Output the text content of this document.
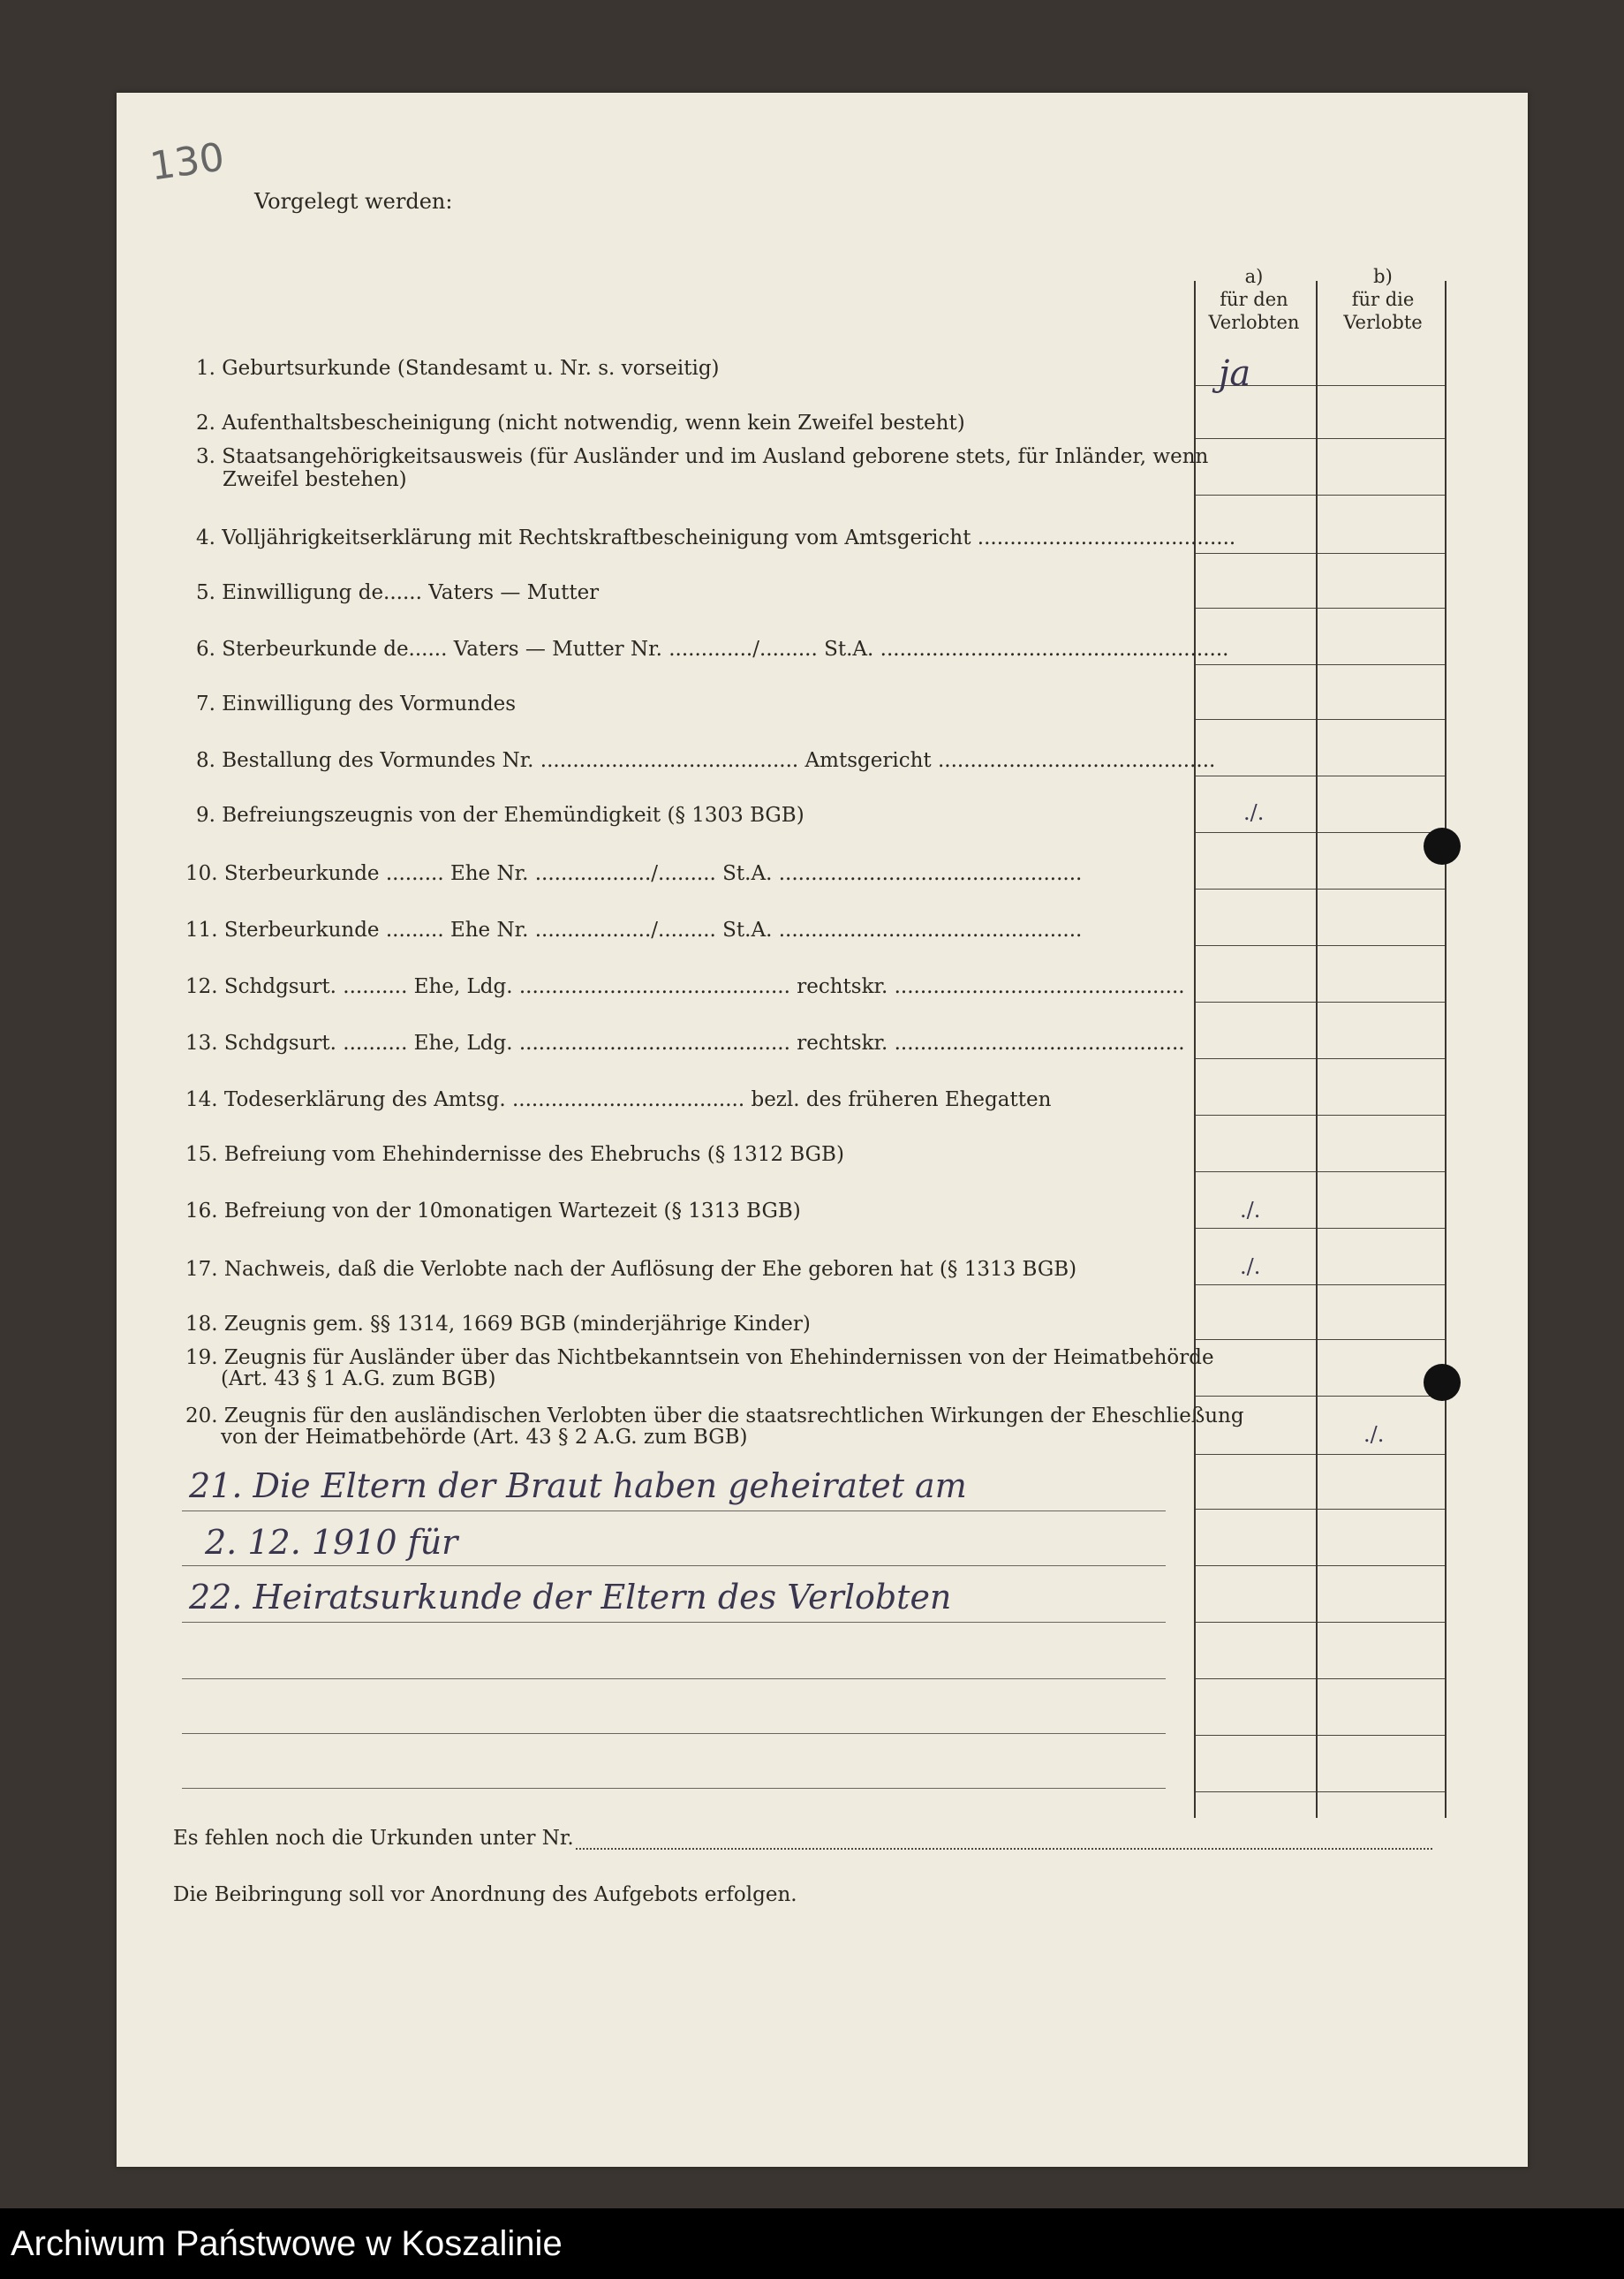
130
Vorgelegt werden:
a)
für den
Verlobten
b)
für die
Verlobte
1. Geburtsurkunde (Standesamt u. Nr. s. vorseitig)
2. Aufenthaltsbescheinigung (nicht notwendig, wenn kein Zweifel besteht)
3. Staatsangehörigkeitsausweis (für Ausländer und im Ausland geborene stets, für Inländer, wenn
Zweifel bestehen)
4. Volljährigkeitserklärung mit Rechtskraftbescheinigung vom Amtsgericht ........................................
5. Einwilligung de...... Vaters — Mutter
6. Sterbeurkunde de...... Vaters — Mutter Nr. ............./......... St.A. ......................................................
7. Einwilligung des Vormundes
8. Bestallung des Vormundes Nr. ........................................ Amtsgericht ...........................................
9. Befreiungszeugnis von der Ehemündigkeit (§ 1303 BGB)
10. Sterbeurkunde ......... Ehe Nr. ................../......... St.A. ...............................................
11. Sterbeurkunde ......... Ehe Nr. ................../......... St.A. ...............................................
12. Schdgsurt. .......... Ehe, Ldg. .......................................... rechtskr. .............................................
13. Schdgsurt. .......... Ehe, Ldg. .......................................... rechtskr. .............................................
14. Todeserklärung des Amtsg. .................................... bezl. des früheren Ehegatten
15. Befreiung vom Ehehindernisse des Ehebruchs (§ 1312 BGB)
16. Befreiung von der 10monatigen Wartezeit (§ 1313 BGB)
17. Nachweis, daß die Verlobte nach der Auflösung der Ehe geboren hat (§ 1313 BGB)
18. Zeugnis gem. §§ 1314, 1669 BGB (minderjährige Kinder)
19. Zeugnis für Ausländer über das Nichtbekanntsein von Ehehindernissen von der Heimatbehörde
(Art. 43 § 1 A.G. zum BGB)
20. Zeugnis für den ausländischen Verlobten über die staatsrechtlichen Wirkungen der Eheschließung
von der Heimatbehörde (Art. 43 § 2 A.G. zum BGB)
21. Die Eltern der Braut haben geheiratet am
2. 12. 1910 für
22. Heiratsurkunde der Eltern des Verlobten
ja
./.
./.
./.
./.
Es fehlen noch die Urkunden unter Nr.
Die Beibringung soll vor Anordnung des Aufgebots erfolgen.
Archiwum Państwowe w Koszalinie
